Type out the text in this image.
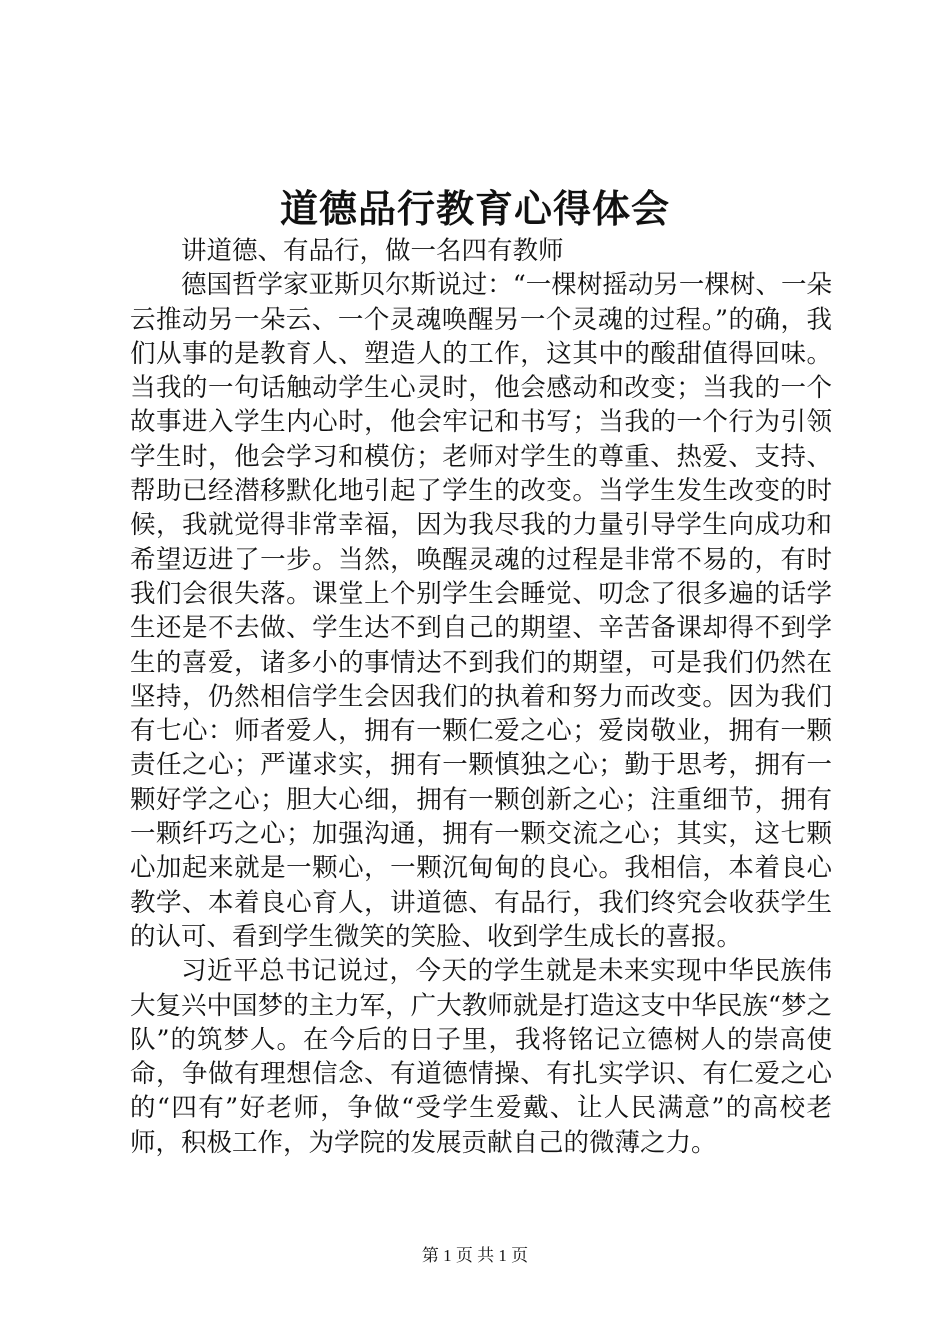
道德品行教育心得体会

讲道德、有品行，做一名四有教师

德国哲学家亚斯贝尔斯说过：“一棵树摇动另一棵树、一朵云推动另一朵云、一个灵魂唤醒另一个灵魂的过程。”的确，我们从事的是教育人、塑造人的工作，这其中的酸甜值得回味。当我的一句话触动学生心灵时，他会感动和改变；当我的一个故事进入学生内心时，他会牢记和书写；当我的一个行为引领学生时，他会学习和模仿；老师对学生的尊重、热爱、支持、帮助已经潜移默化地引起了学生的改变。当学生发生改变的时候，我就觉得非常幸福，因为我尽我的力量引导学生向成功和希望迈进了一步。当然，唤醒灵魂的过程是非常不易的，有时我们会很失落。课堂上个别学生会睡觉、叨念了很多遍的话学生还是不去做、学生达不到自己的期望、辛苦备课却得不到学生的喜爱，诸多小的事情达不到我们的期望，可是我们仍然在坚持，仍然相信学生会因我们的执着和努力而改变。因为我们有七心：师者爱人，拥有一颗仁爱之心；爱岗敬业，拥有一颗责任之心；严谨求实，拥有一颗慎独之心；勤于思考，拥有一颗好学之心；胆大心细，拥有一颗创新之心；注重细节，拥有一颗纤巧之心；加强沟通，拥有一颗交流之心；其实，这七颗心加起来就是一颗心，一颗沉甸甸的良心。我相信，本着良心教学、本着良心育人，讲道德、有品行，我们终究会收获学生的认可、看到学生微笑的笑脸、收到学生成长的喜报。

习近平总书记说过，今天的学生就是未来实现中华民族伟大复兴中国梦的主力军，广大教师就是打造这支中华民族“梦之队”的筑梦人。在今后的日子里，我将铭记立德树人的崇高使命，争做有理想信念、有道德情操、有扎实学识、有仁爱之心的“四有”好老师，争做“受学生爱戴、让人民满意”的高校老师，积极工作，为学院的发展贡献自己的微薄之力。

第 1 页 共 1 页
